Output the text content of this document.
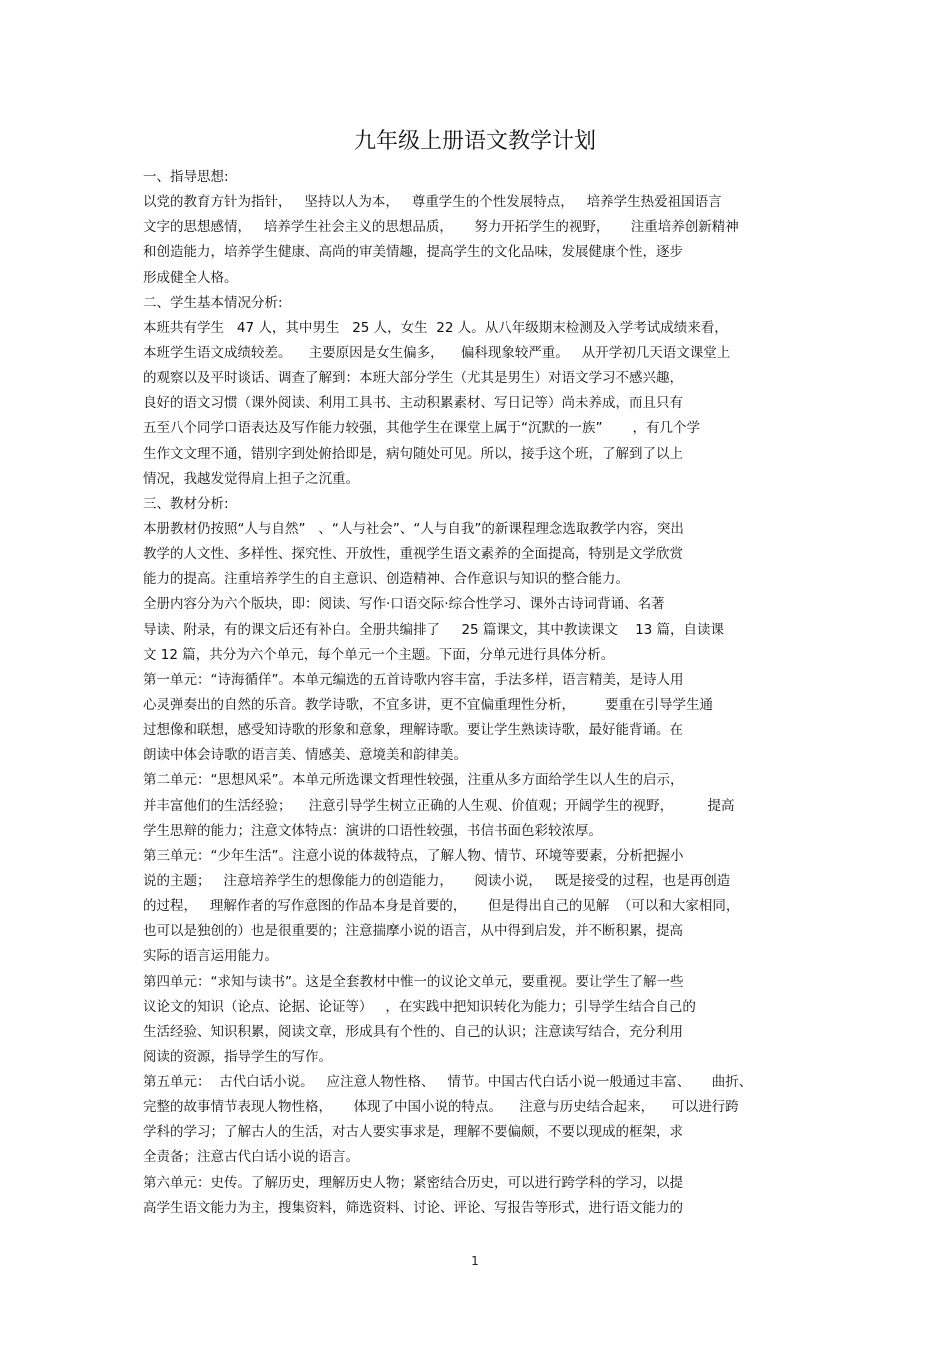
九年级上册语文教学计划
一、指导思想:
以党的教育方针为指针，   坚持以人为本，   尊重学生的个性发展特点，   培养学生热爱祖国语言
文字的思想感情，   培养学生社会主义的思想品质，     努力开拓学生的视野，     注重培养创新精神
和创造能力，培养学生健康、高尚的审美情趣，提高学生的文化品味，发展健康个性，逐步
形成健全人格。
二、学生基本情况分析:
本班共有学生   47 人，其中男生   25 人，女生  22 人。从八年级期末检测及入学考试成绩来看，
本班学生语文成绩较差。    主要原因是女生偏多，    偏科现象较严重。   从开学初几天语文课堂上
的观察以及平时谈话、调查了解到：本班大部分学生（尤其是男生）对语文学习不感兴趣，
良好的语文习惯（课外阅读、利用工具书、主动积累素材、写日记等）尚未养成，而且只有
五至八个同学口语表达及写作能力较强，其他学生在课堂上属于“沉默的一族”       ，有几个学
生作文文理不通，错别字到处俯拾即是，病句随处可见。所以，接手这个班，了解到了以上
情况，我越发觉得肩上担子之沉重。
三、教材分析:
本册教材仍按照“人与自然”   、“人与社会”、“人与自我”的新课程理念选取教学内容，突出
教学的人文性、多样性、探究性、开放性，重视学生语文素养的全面提高，特别是文学欣赏
能力的提高。注重培养学生的自主意识、创造精神、合作意识与知识的整合能力。
全册内容分为六个版块，即：阅读、写作·口语交际·综合性学习、课外古诗词背诵、名著
导读、附录，有的课文后还有补白。全册共编排了     25 篇课文，其中教读课文    13 篇，自读课
文 12 篇，共分为六个单元，每个单元一个主题。下面，分单元进行具体分析。
第一单元：“诗海循佯”。本单元编选的五首诗歌内容丰富，手法多样，语言精美，是诗人用
心灵弹奏出的自然的乐音。教学诗歌，不宜多讲，更不宜偏重理性分析，       要重在引导学生通
过想像和联想，感受知诗歌的形象和意象，理解诗歌。要让学生熟读诗歌，最好能背诵。在
朗读中体会诗歌的语言美、情感美、意境美和韵律美。
第二单元：“思想风采”。本单元所选课文哲理性较强，注重从多方面给学生以人生的启示，
并丰富他们的生活经验；    注意引导学生树立正确的人生观、价值观；开阔学生的视野，        提高
学生思辩的能力；注意文体特点：演讲的口语性较强，书信书面色彩较浓厚。
第三单元：“少年生活”。注意小说的体裁特点，了解人物、情节、环境等要素，分析把握小
说的主题；   注意培养学生的想像能力的创造能力，     阅读小说，   既是接受的过程，也是再创造
的过程，   理解作者的写作意图的作品本身是首要的，     但是得出自己的见解  （可以和大家相同，
也可以是独创的）也是很重要的；注意揣摩小说的语言，从中得到启发，并不断积累，提高
实际的语言运用能力。
第四单元：“求知与读书”。这是全套教材中惟一的议论文单元，要重视。要让学生了解一些
议论文的知识（论点、论据、论证等）   ，在实践中把知识转化为能力；引导学生结合自己的
生活经验、知识积累，阅读文章，形成具有个性的、自己的认识；注意读写结合，充分利用
阅读的资源，指导学生的写作。
第五单元：  古代白话小说。   应注意人物性格、   情节。中国古代白话小说一般通过丰富、     曲折、
完整的故事情节表现人物性格，     体现了中国小说的特点。    注意与历史结合起来，    可以进行跨
学科的学习；了解古人的生活，对古人要实事求是，理解不要偏颇，不要以现成的框架，求
全责备；注意古代白话小说的语言。
第六单元：史传。了解历史，理解历史人物；紧密结合历史，可以进行跨学科的学习，以提
高学生语文能力为主，搜集资料，筛选资料、讨论、评论、写报告等形式，进行语文能力的
1
